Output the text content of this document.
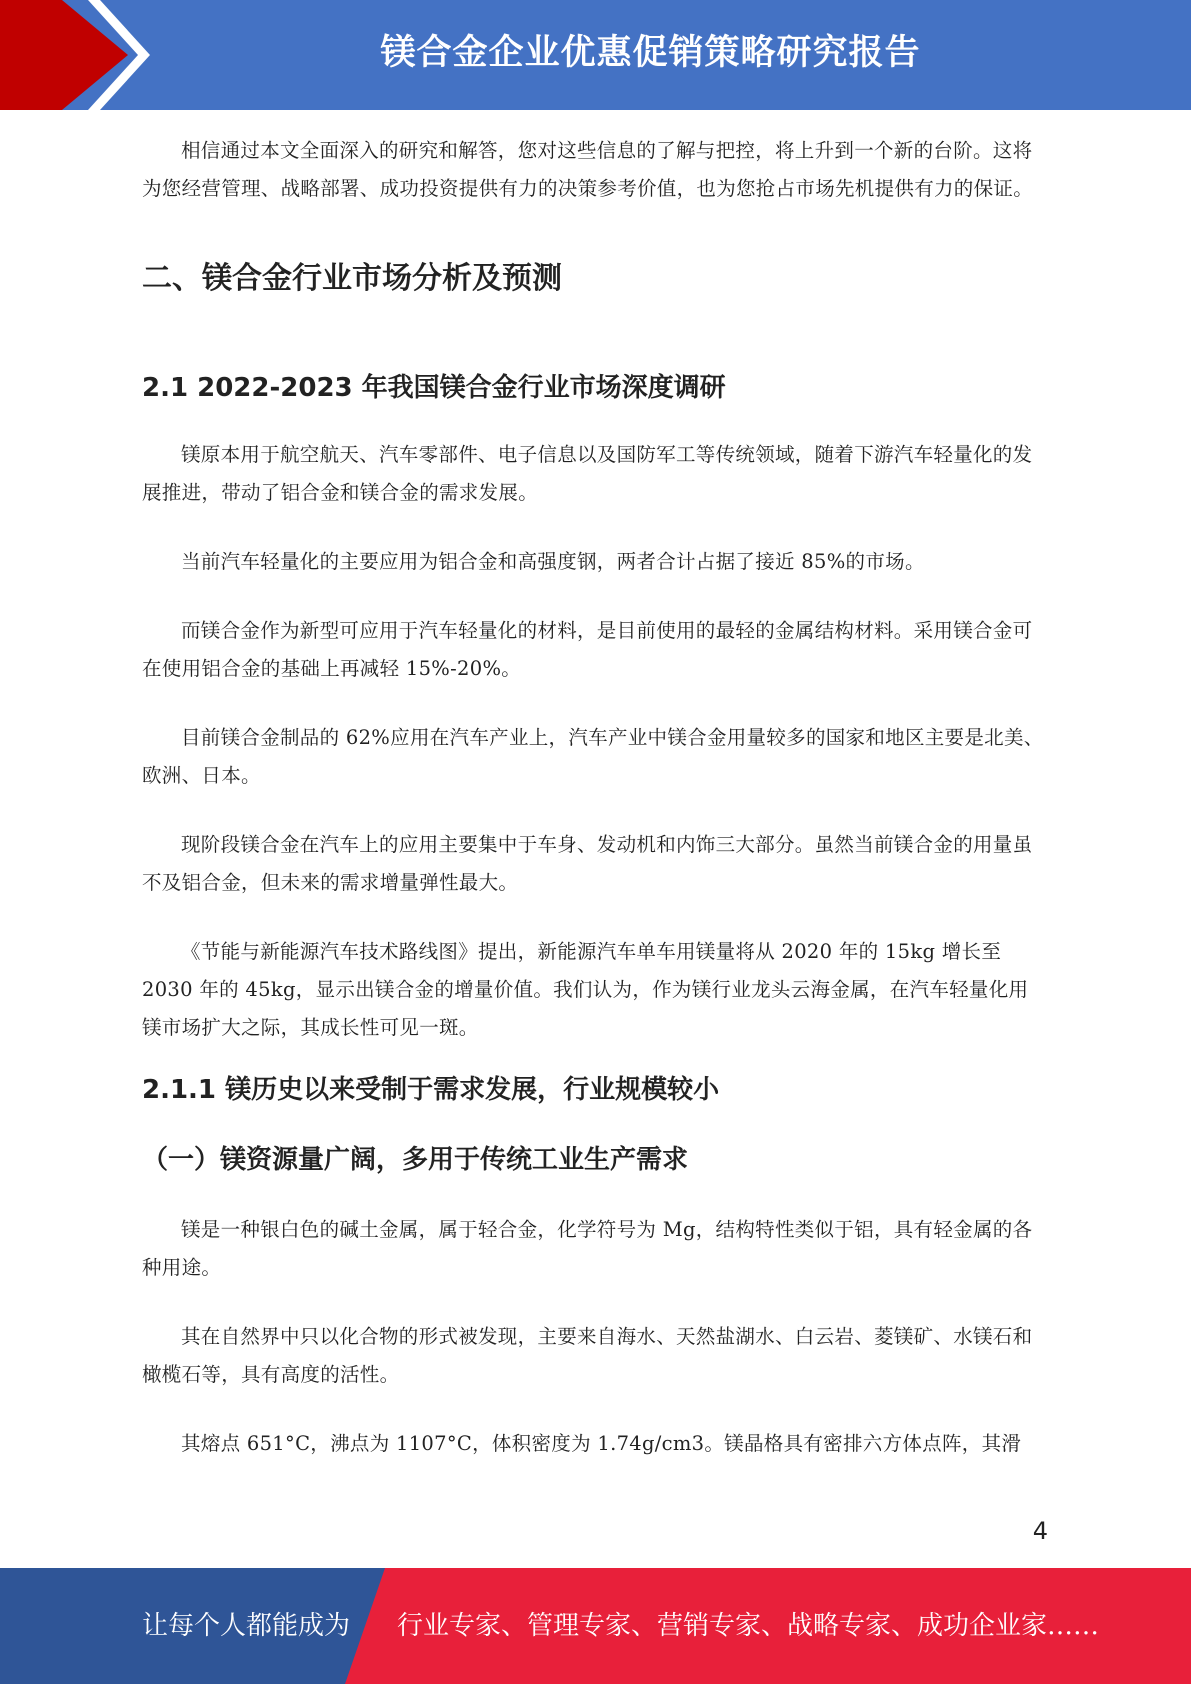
镁合金企业优惠促销策略研究报告

相信通过本文全面深入的研究和解答，您对这些信息的了解与把控，将上升到一个新的台阶。这将为您经营管理、战略部署、成功投资提供有力的决策参考价值，也为您抢占市场先机提供有力的保证。

二、镁合金行业市场分析及预测
2.1 2022-2023 年我国镁合金行业市场深度调研

镁原本用于航空航天、汽车零部件、电子信息以及国防军工等传统领域，随着下游汽车轻量化的发展推进，带动了铝合金和镁合金的需求发展。

当前汽车轻量化的主要应用为铝合金和高强度钢，两者合计占据了接近 85%的市场。

而镁合金作为新型可应用于汽车轻量化的材料，是目前使用的最轻的金属结构材料。采用镁合金可在使用铝合金的基础上再减轻 15%-20%。

目前镁合金制品的 62%应用在汽车产业上，汽车产业中镁合金用量较多的国家和地区主要是北美、欧洲、日本。

现阶段镁合金在汽车上的应用主要集中于车身、发动机和内饰三大部分。虽然当前镁合金的用量虽不及铝合金，但未来的需求增量弹性最大。

《节能与新能源汽车技术路线图》提出，新能源汽车单车用镁量将从 2020 年的 15kg 增长至 2030 年的 45kg，显示出镁合金的增量价值。我们认为，作为镁行业龙头云海金属，在汽车轻量化用镁市场扩大之际，其成长性可见一斑。

2.1.1 镁历史以来受制于需求发展，行业规模较小
（一）镁资源量广阔，多用于传统工业生产需求

镁是一种银白色的碱土金属，属于轻合金，化学符号为 Mg，结构特性类似于铝，具有轻金属的各种用途。

其在自然界中只以化合物的形式被发现，主要来自海水、天然盐湖水、白云岩、菱镁矿、水镁石和橄榄石等，具有高度的活性。

其熔点 651°C，沸点为 1107°C，体积密度为 1.74g/cm3。镁晶格具有密排六方体点阵，其滑

4
让每个人都能成为 行业专家、管理专家、营销专家、战略专家、成功企业家……
